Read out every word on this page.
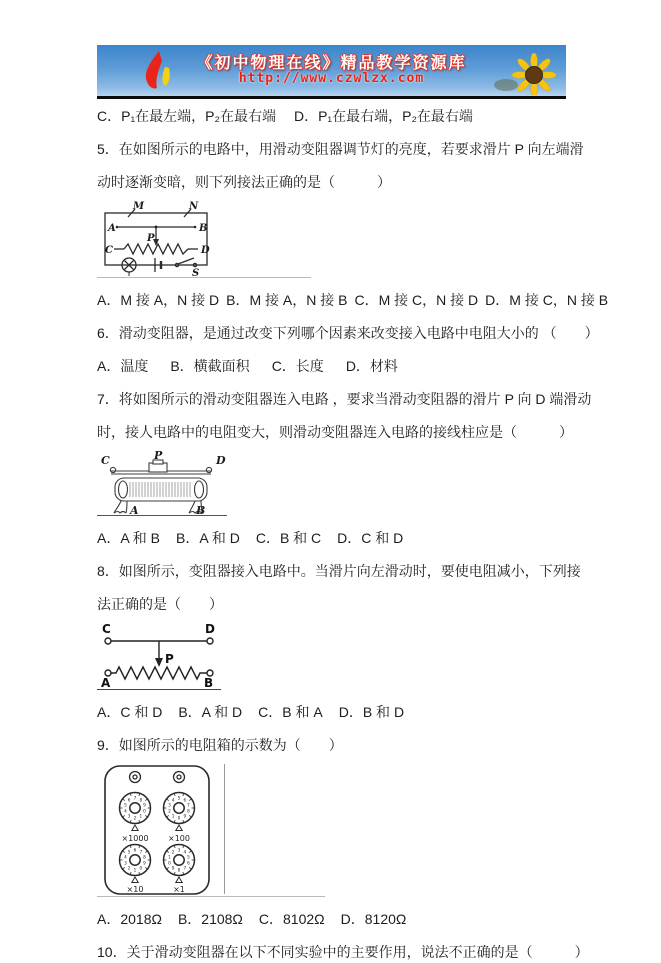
《初中物理在线》精品教学资源库
http://www.czwlzx.com
C．P₁在最左端，P₂在最右端 D．P₁在最右端，P₂在最右端
5．在如图所示的电路中，用滑动变阻器调节灯的亮度，若要求滑片 P 向左端滑
动时逐渐变暗，则下列接法正确的是（　　　）
M	N
A	B
P
C	D
S
A．M 接 A，N 接 D B．M 接 A，N 接 B C．M 接 C，N 接 D D．M 接 C，N 接 B
6．滑动变阻器，是通过改变下列哪个因素来改变接入电路中电阻大小的 （　　）
A．温度 B．横截面积 C．长度 D．材料
7．将如图所示的滑动变阻器连入电路 ，要求当滑动变阻器的滑片 P 向 D 端滑动
时，接人电路中的电阻变大，则滑动变阻器连入电路的接线柱应是（　　　）
C	P	D
A	B
A．A 和 B B．A 和 D C．B 和 C D．C 和 D
8．如图所示，变阻器接入电路中。当滑片向左滑动时，要使电阻减小，下列接
法正确的是（　　）
C	D
P
A	B
A．C 和 D B．A 和 D C．B 和 A D．B 和 D
9．如图所示的电阻箱的示数为（　　）
0
1
2
3
4
5
6 7 8
9
0
1
2
3
4 5 6
7
8
9
0
1
2
3
4
5 6 7
8
9	0
1
2 3 4
5
6
7
8
9
×1000 ×100
×10	×1
A．2018Ω B．2108Ω C．8102Ω D．8120Ω
10．关于滑动变阻器在以下不同实验中的主要作用，说法不正确的是（　　　）
